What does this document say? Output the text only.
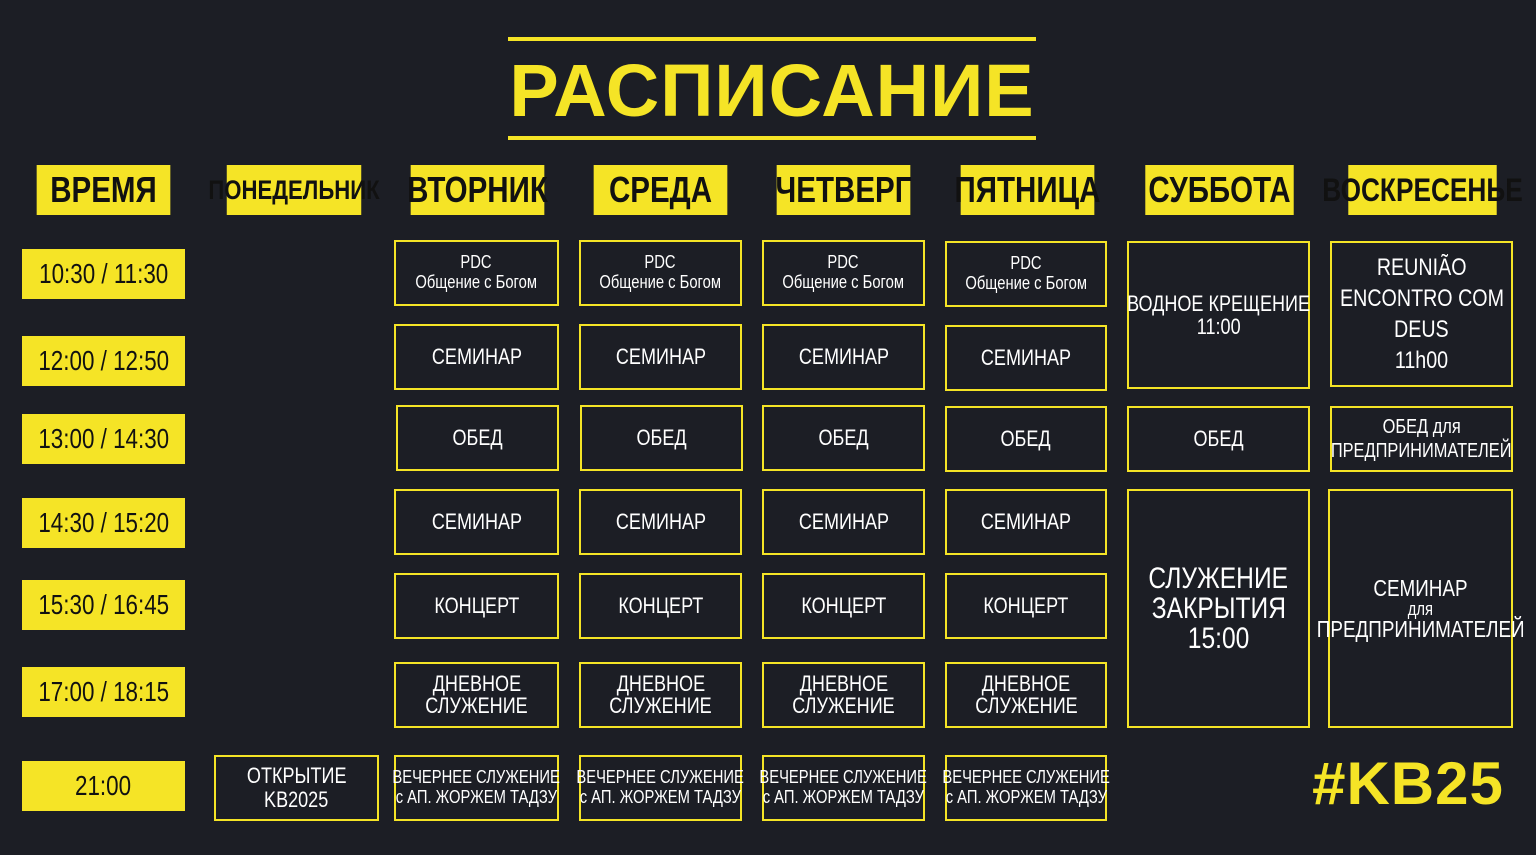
РАСПИСАНИЕ
ВРЕМЯ ПОНЕДЕЛЬНИК ВТОРНИК СРЕДА ЧЕТВЕРГ ПЯТНИЦА СУББОТА ВОСКРЕСЕНЬЕ
10:30 / 11:30
12:00 / 12:50
13:00 / 14:30
14:30 / 15:20
15:30 / 16:45
17:00 / 18:15
21:00	ОТКРЫТИЕ
KB2025
PDC
Общение с Богом
СЕМИНАР
ОБЕД
СЕМИНАР
КОНЦЕРТ
ДНЕВНОЕ
СЛУЖЕНИЕ
ВЕЧЕРНЕЕ СЛУЖЕНИЕ
с АП. ЖОРЖЕМ ТАДЗУ
PDC
Общение с Богом
СЕМИНАР
ОБЕД
СЕМИНАР
КОНЦЕРТ
ДНЕВНОЕ
СЛУЖЕНИЕ
ВЕЧЕРНЕЕ СЛУЖЕНИЕ
с АП. ЖОРЖЕМ ТАДЗУ
PDC
Общение с Богом
СЕМИНАР
ОБЕД
СЕМИНАР
КОНЦЕРТ
ДНЕВНОЕ
СЛУЖЕНИЕ
ВЕЧЕРНЕЕ СЛУЖЕНИЕ
с АП. ЖОРЖЕМ ТАДЗУ
PDC
Общение с Богом
СЕМИНАР
ОБЕД
СЕМИНАР
КОНЦЕРТ
ДНЕВНОЕ
СЛУЖЕНИЕ
ВЕЧЕРНЕЕ СЛУЖЕНИЕ
с АП. ЖОРЖЕМ ТАДЗУ
ВОДНОЕ КРЕЩЕНИЕ
11:00
ОБЕД
СЛУЖЕНИЕ
ЗАКРЫТИЯ
15:00
REUNIÃO
ENCONTRO COM
DEUS
11h00
ОБЕД для
ПРЕДПРИНИМАТЕЛЕЙ
СЕМИНАР
для
ПРЕДПРИНИМАТЕЛЕЙ
#KB25
